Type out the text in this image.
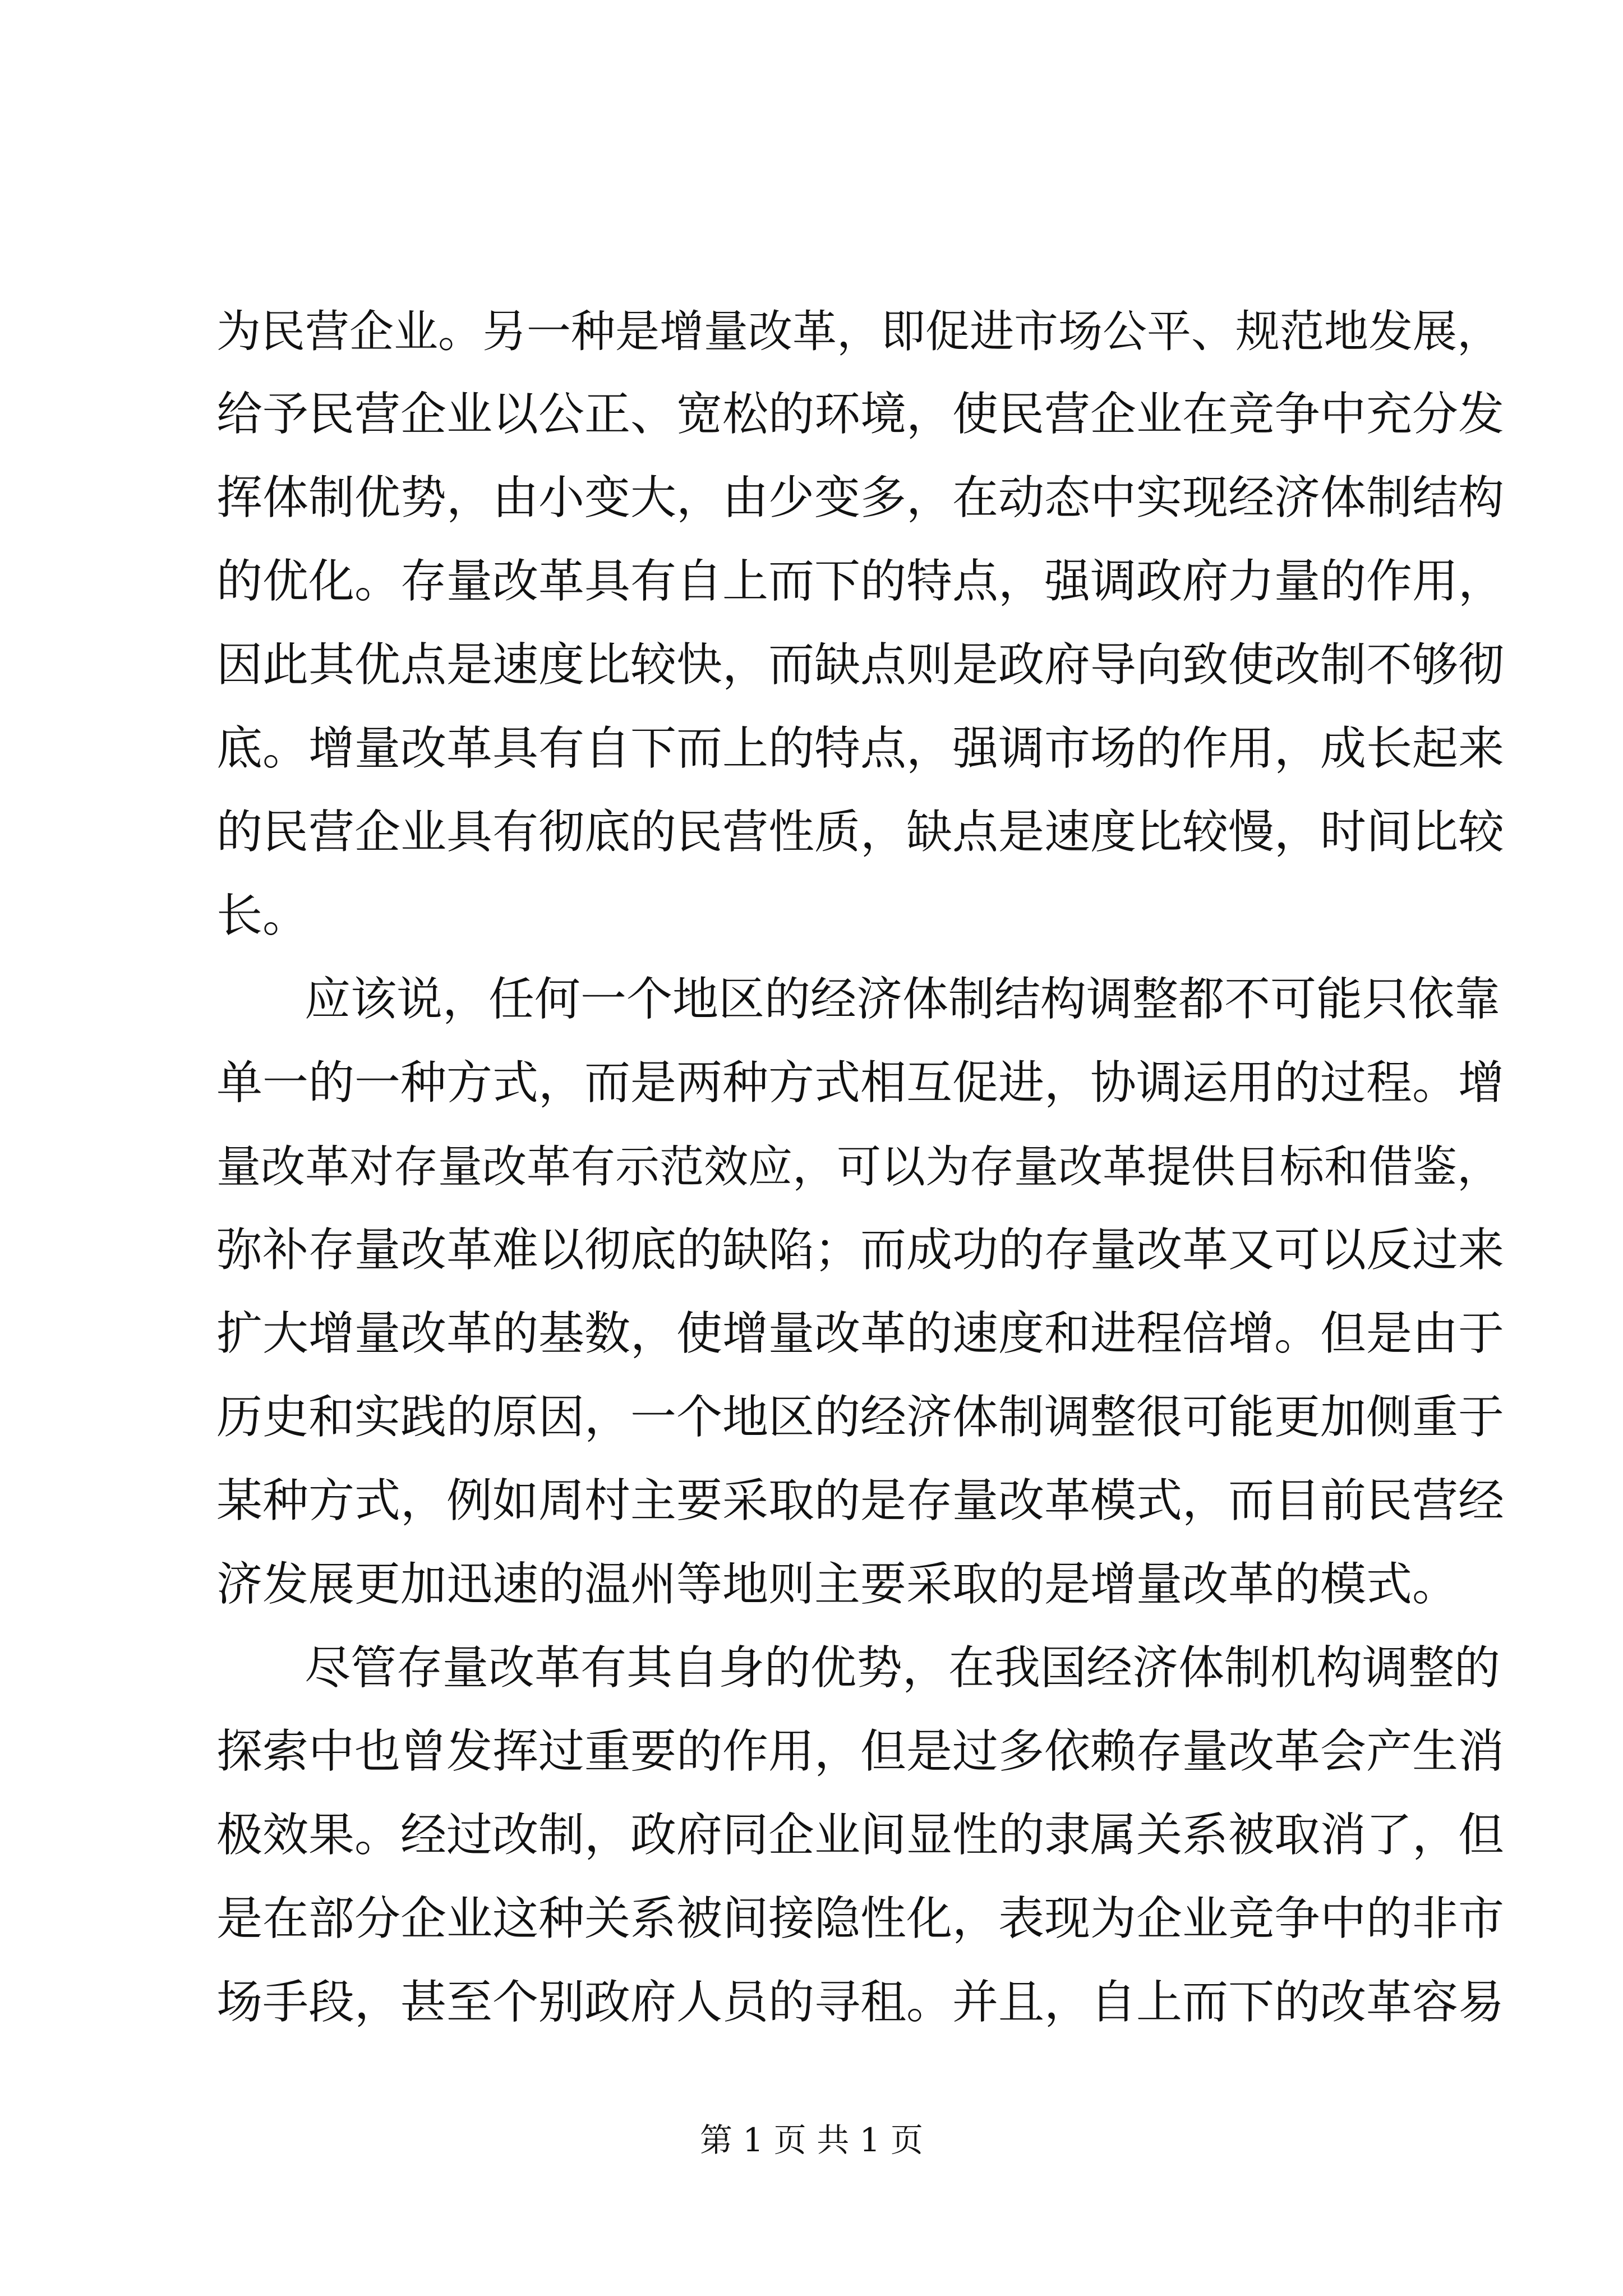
为民营企业。另一种是增量改革，即促进市场公平、规范地发展，
给予民营企业以公正、宽松的环境，使民营企业在竞争中充分发
挥体制优势，由小变大，由少变多，在动态中实现经济体制结构
的优化。存量改革具有自上而下的特点，强调政府力量的作用，
因此其优点是速度比较快，而缺点则是政府导向致使改制不够彻
底。增量改革具有自下而上的特点，强调市场的作用，成长起来
的民营企业具有彻底的民营性质，缺点是速度比较慢，时间比较
长。
应该说，任何一个地区的经济体制结构调整都不可能只依靠
单一的一种方式，而是两种方式相互促进，协调运用的过程。增
量改革对存量改革有示范效应，可以为存量改革提供目标和借鉴，
弥补存量改革难以彻底的缺陷；而成功的存量改革又可以反过来
扩大增量改革的基数，使增量改革的速度和进程倍增。但是由于
历史和实践的原因，一个地区的经济体制调整很可能更加侧重于
某种方式，例如周村主要采取的是存量改革模式，而目前民营经
济发展更加迅速的温州等地则主要采取的是增量改革的模式。
尽管存量改革有其自身的优势，在我国经济体制机构调整的
探索中也曾发挥过重要的作用，但是过多依赖存量改革会产生消
极效果。经过改制，政府同企业间显性的隶属关系被取消了，但
是在部分企业这种关系被间接隐性化，表现为企业竞争中的非市
场手段，甚至个别政府人员的寻租。并且，自上而下的改革容易
第 1 页 共 1 页
